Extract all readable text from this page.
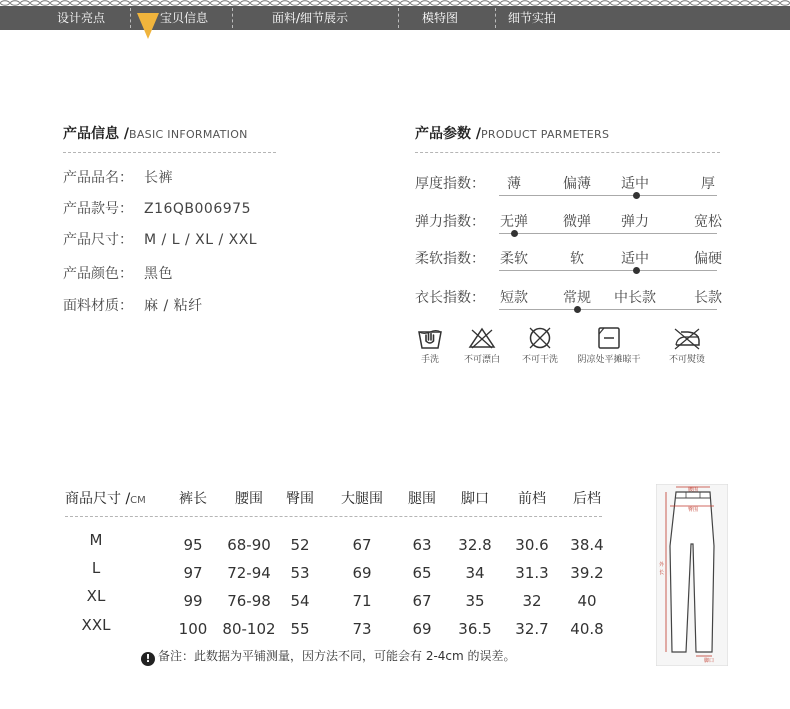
设计亮点	宝贝信息	面料/细节展示	模特图	细节实拍
产品信息 /BASIC INFORMATION
产品品名： 长裤
产品款号： Z16QB006975
产品尺寸： M / L / XL / XXL
产品颜色： 黑色
面料材质： 麻 / 粘纤
产品参数 /PRODUCT PARMETERS
厚度指数： 薄	偏薄 适中	厚
弹力指数： 无弹	微弹 弹力	宽松
柔软指数： 柔软	软	适中	偏硬
衣长指数： 短款	常规 中长款	长款
手洗	不可漂白	不可干洗	阴凉处平摊晾干	不可熨烫
商品尺寸 /CM 裤长 腰围 臀围 大腿围 腿围 脚口 前档 后档
M	95 68-90 52	67	63 32.8 30.6 38.4
L	97 72-94 53	69	65 34 31.3 39.2
XL	99 76-98 54	71	67 35	32 40
XXL	100 80-102 55	73	69 36.5 32.7 40.8
! 备注：此数据为平铺测量，因方法不同，可能会有 2-4cm 的误差。
腰围
臀围
外
长
脚口
